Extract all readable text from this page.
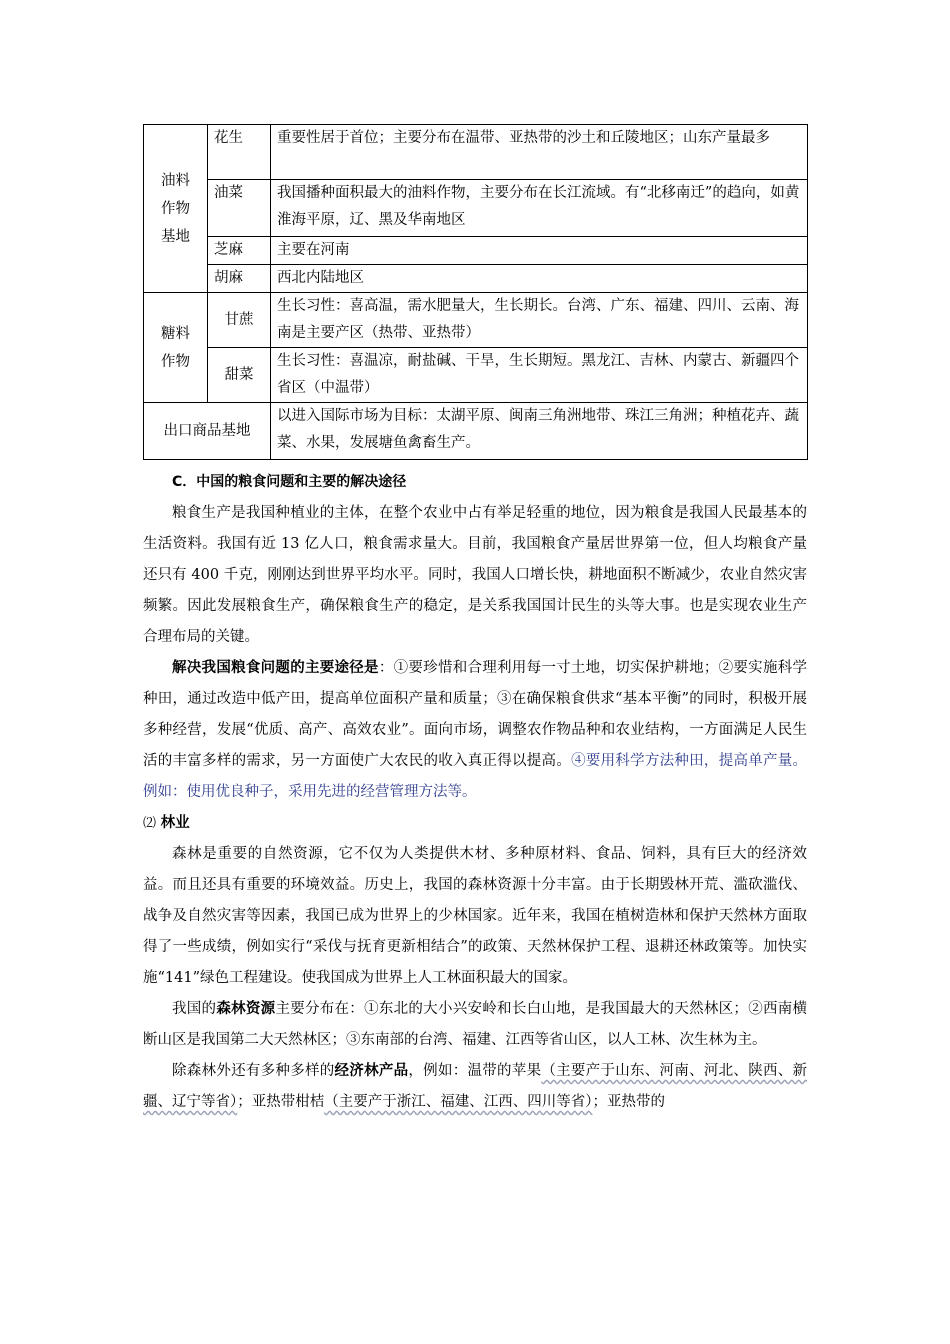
油料
作物
基地	花生	重要性居于首位；主要分布在温带、亚热带的沙土和丘陵地区；山东产量最多
	油菜	我国播种面积最大的油料作物，主要分布在长江流域。有“北移南迁”的趋向，如黄淮海平原，辽、黑及华南地区
	芝麻	主要在河南
	胡麻	西北内陆地区
糖料
作物	甘蔗	生长习性：喜高温，需水肥量大，生长期长。台湾、广东、福建、四川、云南、海南是主要产区（热带、亚热带）
	甜菜	生长习性：喜温凉，耐盐碱、干旱，生长期短。黑龙江、吉林、内蒙古、新疆四个省区（中温带）
出口商品基地		以进入国际市场为目标：太湖平原、闽南三角洲地带、珠江三角洲；种植花卉、蔬菜、水果，发展塘鱼禽畜生产。

C．中国的粮食问题和主要的解决途径

粮食生产是我国种植业的主体，在整个农业中占有举足轻重的地位，因为粮食是我国人民最基本的生活资料。我国有近 13 亿人口，粮食需求量大。目前，我国粮食产量居世界第一位，但人均粮食产量还只有 400 千克，刚刚达到世界平均水平。同时，我国人口增长快，耕地面积不断减少，农业自然灾害频繁。因此发展粮食生产，确保粮食生产的稳定，是关系我国国计民生的头等大事。也是实现农业生产合理布局的关键。

解决我国粮食问题的主要途径是：①要珍惜和合理利用每一寸土地，切实保护耕地；②要实施科学种田，通过改造中低产田，提高单位面积产量和质量；③在确保粮食供求“基本平衡”的同时，积极开展多种经营，发展“优质、高产、高效农业”。面向市场，调整农作物品种和农业结构，一方面满足人民生活的丰富多样的需求，另一方面使广大农民的收入真正得以提高。④要用科学方法种田，提高单产量。例如：使用优良种子，采用先进的经营管理方法等。

⑵ 林业

森林是重要的自然资源，它不仅为人类提供木材、多种原材料、食品、饲料，具有巨大的经济效益。而且还具有重要的环境效益。历史上，我国的森林资源十分丰富。由于长期毁林开荒、滥砍滥伐、战争及自然灾害等因素，我国已成为世界上的少林国家。近年来，我国在植树造林和保护天然林方面取得了一些成绩，例如实行“采伐与抚育更新相结合”的政策、天然林保护工程、退耕还林政策等。加快实施“141”绿色工程建设。使我国成为世界上人工林面积最大的国家。

我国的森林资源主要分布在：①东北的大小兴安岭和长白山地，是我国最大的天然林区；②西南横断山区是我国第二大天然林区；③东南部的台湾、福建、江西等省山区，以人工林、次生林为主。

除森林外还有多种多样的经济林产品，例如：温带的苹果（主要产于山东、河南、河北、陕西、新疆、辽宁等省）；亚热带柑桔（主要产于浙江、福建、江西、四川等省）；亚热带的
